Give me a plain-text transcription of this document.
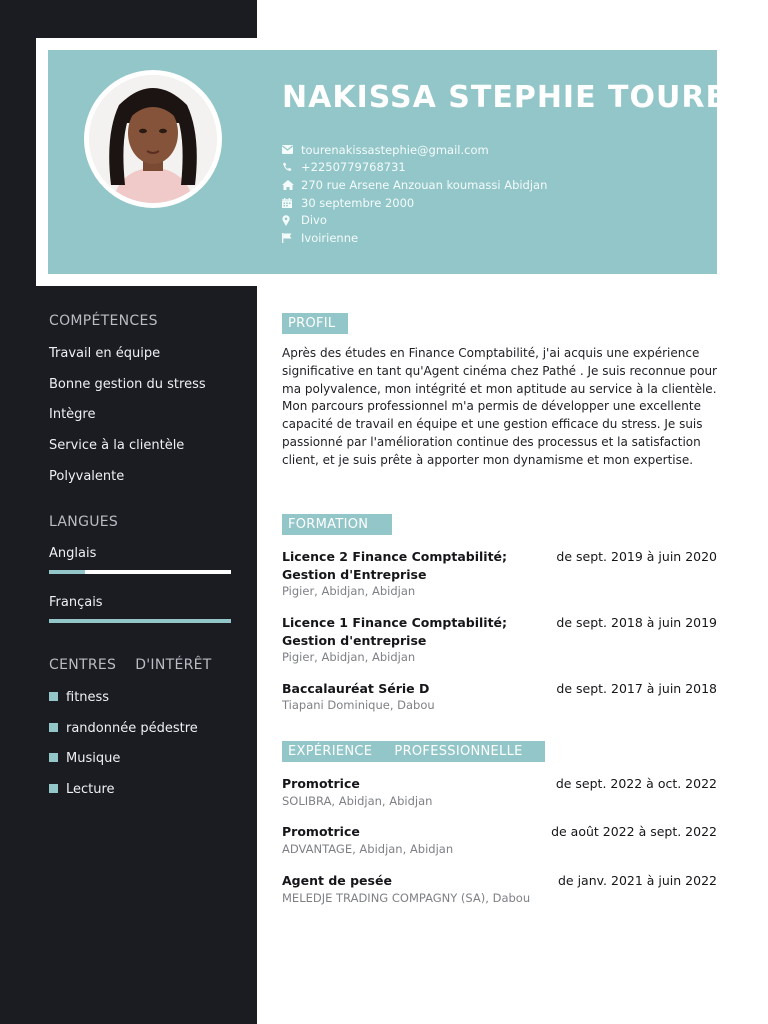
NAKISSA STEPHIE TOURE
tourenakissastephie@gmail.com
+2250779768731
270 rue Arsene Anzouan koumassi Abidjan
30 septembre 2000
Divo
Ivoirienne
COMPÉTENCES
Travail en équipe
Bonne gestion du stress
Intègre
Service à la clientèle
Polyvalente
LANGUES
Anglais
Français
CENTRES    D'INTÉRÊT
fitness
randonnée pédestre
Musique
Lecture
PROFIL

Après des études en Finance Comptabilité, j'ai acquis une expérience significative en tant qu'Agent cinéma chez Pathé . Je suis reconnue pour ma polyvalence, mon intégrité et mon aptitude au service à la clientèle. Mon parcours professionnel m'a permis de développer une excellente capacité de travail en équipe et une gestion efficace du stress. Je suis passionné par l'amélioration continue des processus et la satisfaction client, et je suis prête à apporter mon dynamisme et mon expertise.

FORMATION
Licence 2 Finance Comptabilité; Gestion d'Entreprise
de sept. 2019 à juin 2020
Pigier, Abidjan, Abidjan
Licence 1 Finance Comptabilité; Gestion d'entreprise
de sept. 2018 à juin 2019
Pigier, Abidjan, Abidjan
Baccalauréat Série D	de sept. 2017 à juin 2018
Tiapani Dominique, Dabou
EXPÉRIENCE     PROFESSIONNELLE
Promotrice	de sept. 2022 à oct. 2022
SOLIBRA, Abidjan, Abidjan
Promotrice	de août 2022 à sept. 2022
ADVANTAGE, Abidjan, Abidjan
Agent de pesée	de janv. 2021 à juin 2022
MELEDJE TRADING COMPAGNY (SA), Dabou
